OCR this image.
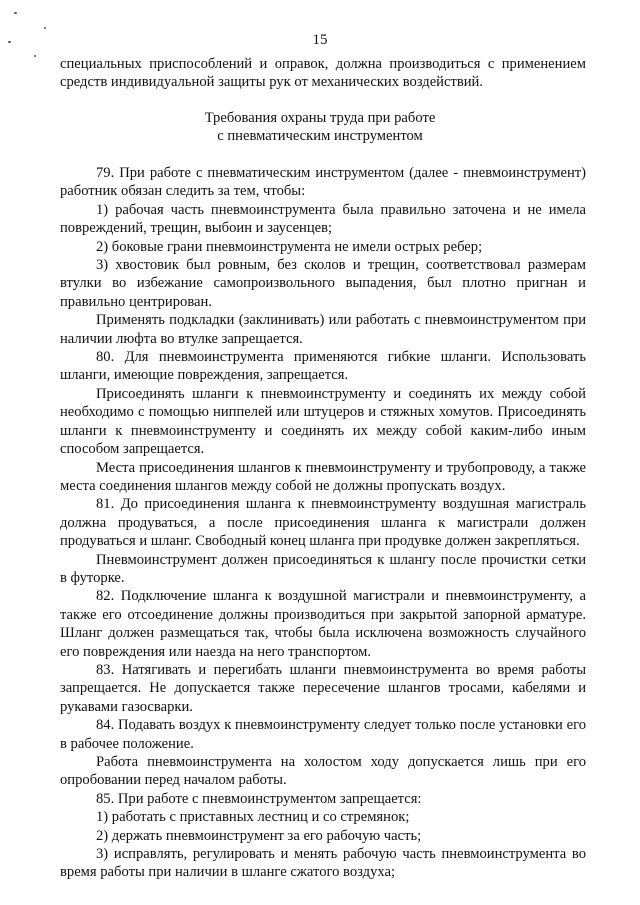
15

специальных приспособлений и оправок, должна производиться с применением средств индивидуальной защиты рук от механических воздействий.

Требования охраны труда при работе
с пневматическим инструментом

79. При работе с пневматическим инструментом (далее - пневмоинструмент) работник обязан следить за тем, чтобы:

1) рабочая часть пневмоинструмента была правильно заточена и не имела повреждений, трещин, выбоин и заусенцев;

2) боковые грани пневмоинструмента не имели острых ребер;

3) хвостовик был ровным, без сколов и трещин, соответствовал размерам втулки во избежание самопроизвольного выпадения, был плотно пригнан и правильно центрирован.

Применять подкладки (заклинивать) или работать с пневмоинструментом при наличии люфта во втулке запрещается.

80. Для пневмоинструмента применяются гибкие шланги. Использовать шланги, имеющие повреждения, запрещается.

Присоединять шланги к пневмоинструменту и соединять их между собой необходимо с помощью ниппелей или штуцеров и стяжных хомутов. Присоединять шланги к пневмоинструменту и соединять их между собой каким-либо иным способом запрещается.

Места присоединения шлангов к пневмоинструменту и трубопроводу, а также места соединения шлангов между собой не должны пропускать воздух.

81. До присоединения шланга к пневмоинструменту воздушная магистраль должна продуваться, а после присоединения шланга к магистрали должен продуваться и шланг. Свободный конец шланга при продувке должен закрепляться.

Пневмоинструмент должен присоединяться к шлангу после прочистки сетки в футорке.

82. Подключение шланга к воздушной магистрали и пневмоинструменту, а также его отсоединение должны производиться при закрытой запорной арматуре. Шланг должен размещаться так, чтобы была исключена возможность случайного его повреждения или наезда на него транспортом.

83. Натягивать и перегибать шланги пневмоинструмента во время работы запрещается. Не допускается также пересечение шлангов тросами, кабелями и рукавами газосварки.

84. Подавать воздух к пневмоинструменту следует только после установки его в рабочее положение.

Работа пневмоинструмента на холостом ходу допускается лишь при его опробовании перед началом работы.

85. При работе с пневмоинструментом запрещается:

1) работать с приставных лестниц и со стремянок;

2) держать пневмоинструмент за его рабочую часть;

3) исправлять, регулировать и менять рабочую часть пневмоинструмента во время работы при наличии в шланге сжатого воздуха;
